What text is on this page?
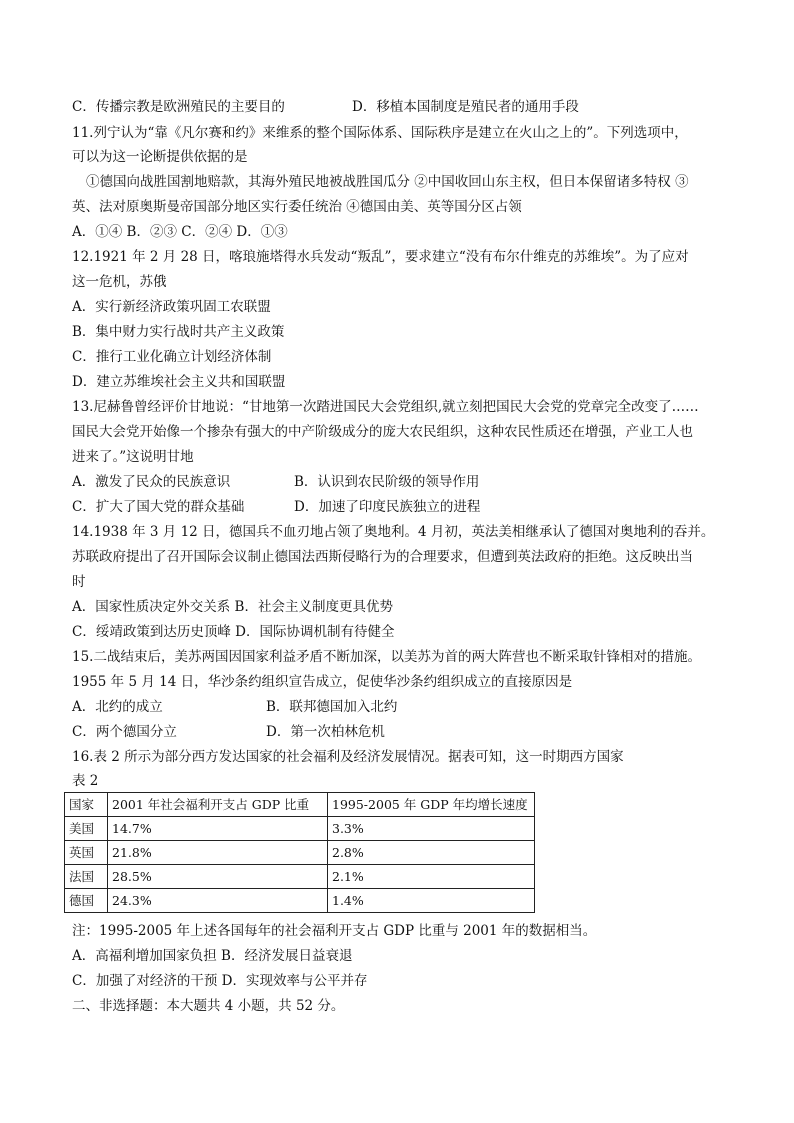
C．传播宗教是欧洲殖民的主要目的	D．移植本国制度是殖民者的通用手段
11.列宁认为“靠《凡尔赛和约》来维系的整个国际体系、国际秩序是建立在火山之上的”。下列选项中，
可以为这一论断提供依据的是
①德国向战胜国割地赔款，其海外殖民地被战胜国瓜分 ②中国收回山东主权，但日本保留诸多特权 ③
英、法对原奥斯曼帝国部分地区实行委任统治 ④德国由美、英等国分区占领
A．①④ B．②③ C．②④ D．①③
12.1921 年 2 月 28 日，喀琅施塔得水兵发动“叛乱”，要求建立“没有布尔什维克的苏维埃”。为了应对
这一危机，苏俄
A．实行新经济政策巩固工农联盟
B．集中财力实行战时共产主义政策
C．推行工业化确立计划经济体制
D．建立苏维埃社会主义共和国联盟
13.尼赫鲁曾经评价甘地说：“甘地第一次踏进国民大会党组织,就立刻把国民大会党的党章完全改变了……
国民大会党开始像一个掺杂有强大的中产阶级成分的庞大农民组织，这种农民性质还在增强，产业工人也
进来了。”这说明甘地
A．激发了民众的民族意识	B．认识到农民阶级的领导作用
C．扩大了国大党的群众基础	D．加速了印度民族独立的进程
14.1938 年 3 月 12 日，德国兵不血刃地占领了奥地利。4 月初，英法美相继承认了德国对奥地利的吞并。
苏联政府提出了召开国际会议制止德国法西斯侵略行为的合理要求，但遭到英法政府的拒绝。这反映出当
时
A．国家性质决定外交关系 B．社会主义制度更具优势
C．绥靖政策到达历史顶峰 D．国际协调机制有待健全
15.二战结束后，美苏两国因国家利益矛盾不断加深，以美苏为首的两大阵营也不断采取针锋相对的措施。
1955 年 5 月 14 日，华沙条约组织宣告成立，促使华沙条约组织成立的直接原因是
A．北约的成立	B．联邦德国加入北约
C．两个德国分立	D．第一次柏林危机
16.表 2 所示为部分西方发达国家的社会福利及经济发展情况。据表可知，这一时期西方国家
表 2
国家	2001 年社会福利开支占 GDP 比重	1995-2005 年 GDP 年均增长速度
美国	14.7%	3.3%
英国	21.8%	2.8%
法国	28.5%	2.1%
德国	24.3%	1.4%
注：1995-2005 年上述各国每年的社会福利开支占 GDP 比重与 2001 年的数据相当。
A．高福利增加国家负担 B．经济发展日益衰退
C．加强了对经济的干预 D．实现效率与公平并存
二、非选择题：本大题共 4 小题，共 52 分。
